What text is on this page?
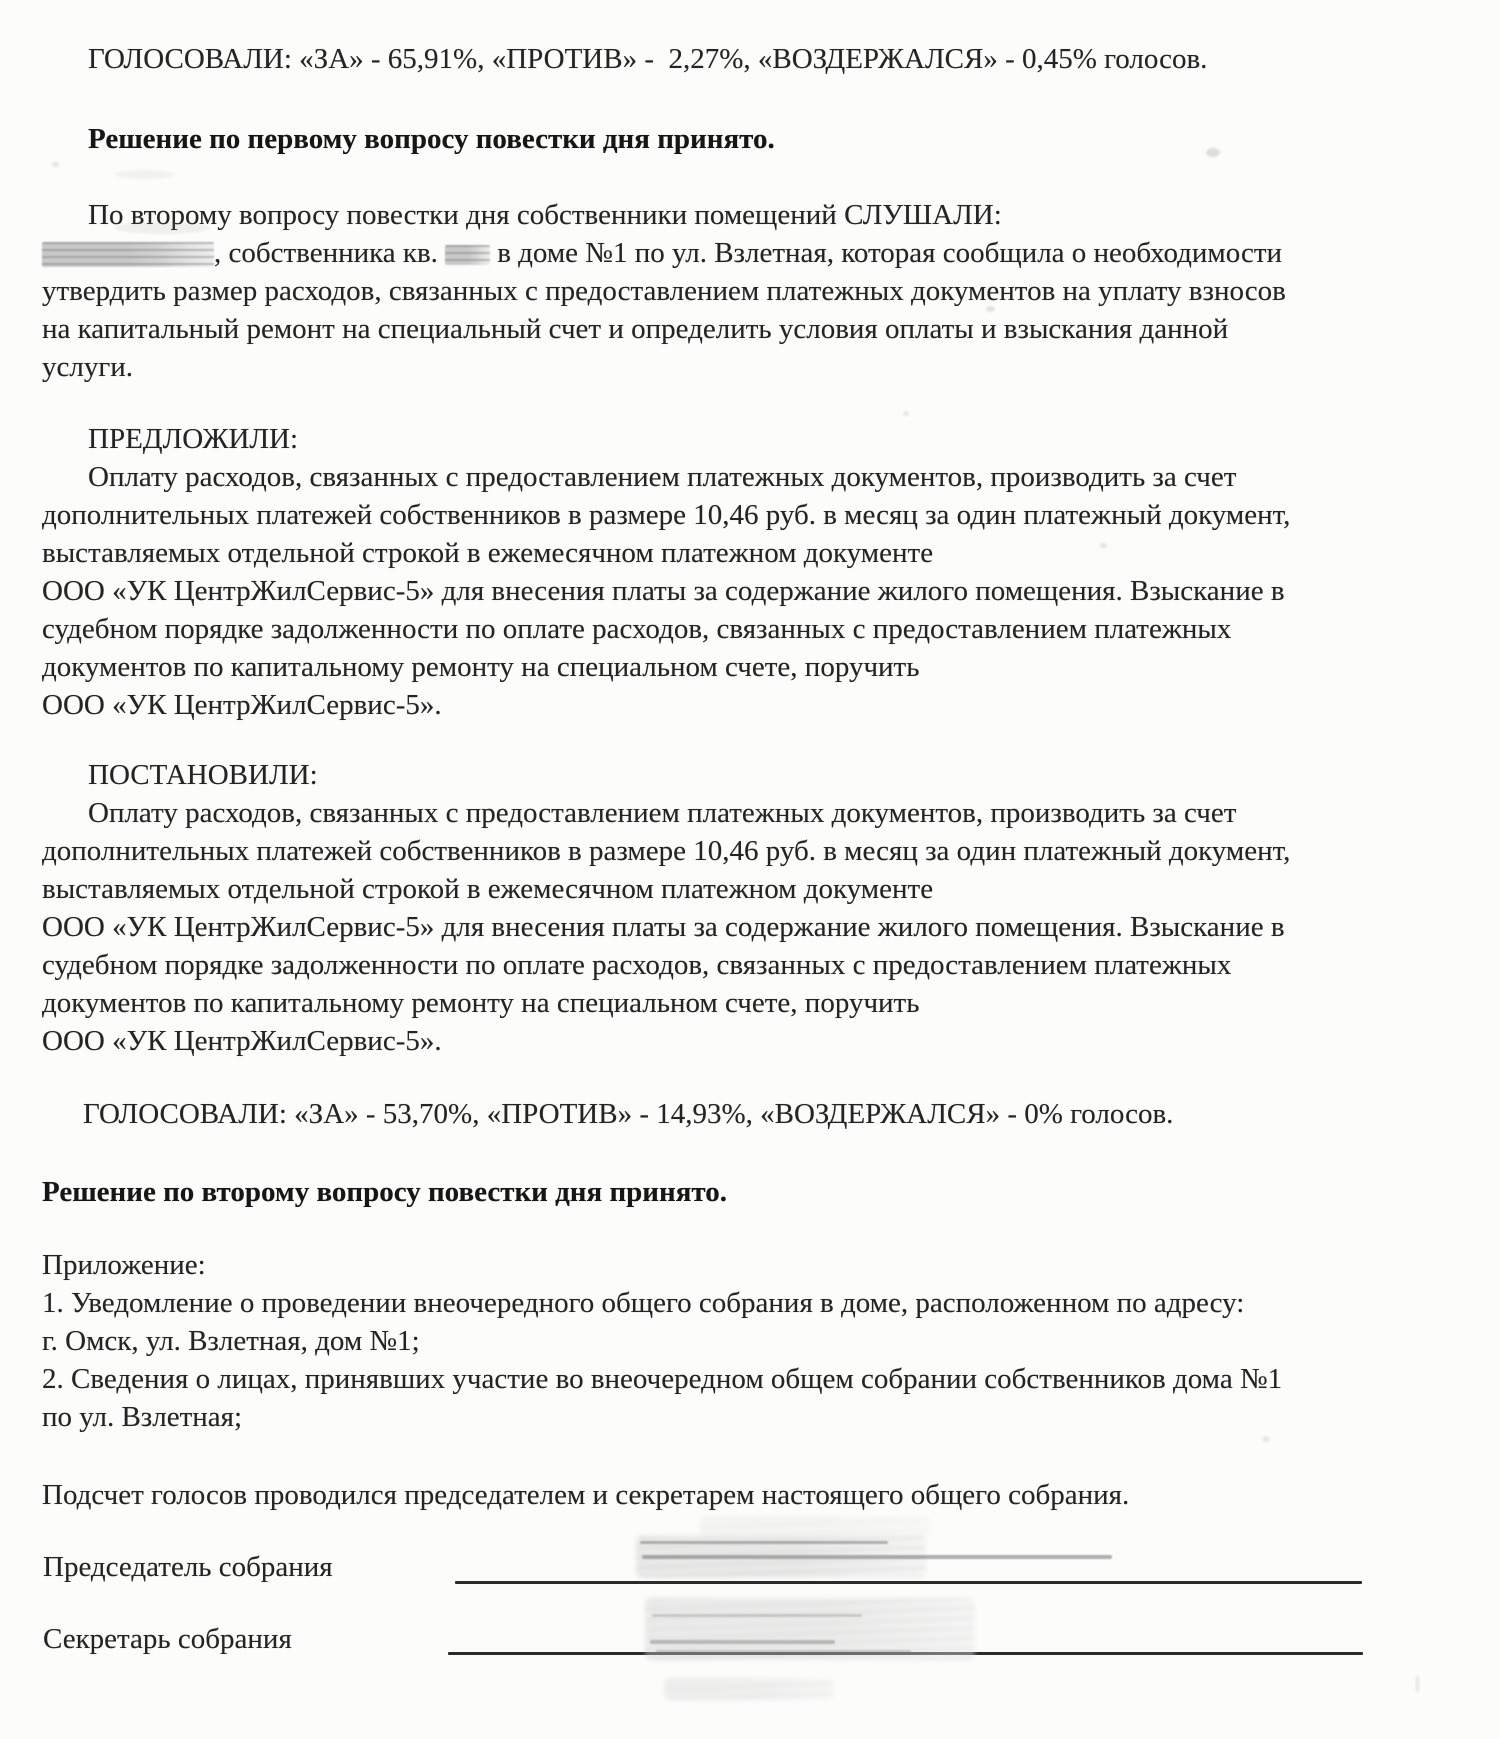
ГОЛОСОВАЛИ: «ЗА» - 65,91%, «ПРОТИВ» -  2,27%, «ВОЗДЕРЖАЛСЯ» - 0,45% голосов.
Решение по первому вопросу повестки дня принято.
По второму вопросу повестки дня собственники помещений СЛУШАЛИ:
, собственника кв. в доме №1 по ул. Взлетная, которая сообщила о необходимости
утвердить размер расходов, связанных с предоставлением платежных документов на уплату взносов
на капитальный ремонт на специальный счет и определить условия оплаты и взыскания данной
услуги.
ПРЕДЛОЖИЛИ:
Оплату расходов, связанных с предоставлением платежных документов, производить за счет
дополнительных платежей собственников в размере 10,46 руб. в месяц за один платежный документ,
выставляемых отдельной строкой в ежемесячном платежном документе
ООО «УК ЦентрЖилСервис-5» для внесения платы за содержание жилого помещения. Взыскание в
судебном порядке задолженности по оплате расходов, связанных с предоставлением платежных
документов по капитальному ремонту на специальном счете, поручить
ООО «УК ЦентрЖилСервис-5».
ПОСТАНОВИЛИ:
Оплату расходов, связанных с предоставлением платежных документов, производить за счет
дополнительных платежей собственников в размере 10,46 руб. в месяц за один платежный документ,
выставляемых отдельной строкой в ежемесячном платежном документе
ООО «УК ЦентрЖилСервис-5» для внесения платы за содержание жилого помещения. Взыскание в
судебном порядке задолженности по оплате расходов, связанных с предоставлением платежных
документов по капитальному ремонту на специальном счете, поручить
ООО «УК ЦентрЖилСервис-5».
ГОЛОСОВАЛИ: «ЗА» - 53,70%, «ПРОТИВ» - 14,93%, «ВОЗДЕРЖАЛСЯ» - 0% голосов.
Решение по второму вопросу повестки дня принято.
Приложение:
1. Уведомление о проведении внеочередного общего собрания в доме, расположенном по адресу:
г. Омск, ул. Взлетная, дом №1;
2. Сведения о лицах, принявших участие во внеочередном общем собрании собственников дома №1
по ул. Взлетная;
Подсчет голосов проводился председателем и секретарем настоящего общего собрания.
Председатель собрания
Секретарь собрания
